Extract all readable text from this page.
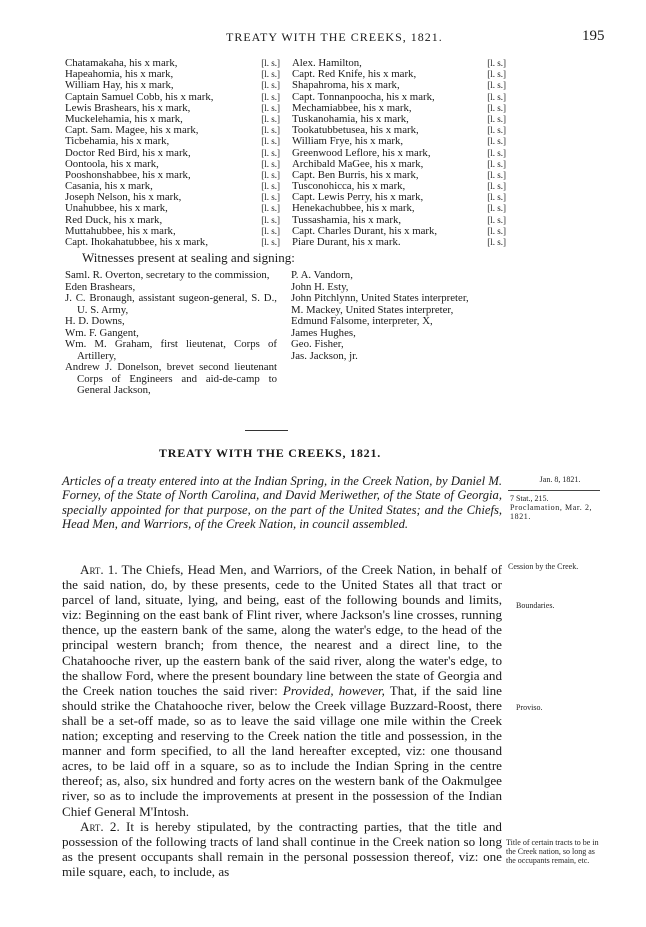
TREATY WITH THE CREEKS, 1821.	195
Chatamakaha, his x mark,	[l. s.]
Hapeahomia, his x mark,	[l. s.]
William Hay, his x mark,	[l. s.]
Captain Samuel Cobb, his x mark,	[l. s.]
Lewis Brashears, his x mark,	[l. s.]
Muckelehamia, his x mark,	[l. s.]
Capt. Sam. Magee, his x mark,	[l. s.]
Ticbehamia, his x mark,	[l. s.]
Doctor Red Bird, his x mark,	[l. s.]
Oontoola, his x mark,	[l. s.]
Pooshonshabbee, his x mark,	[l. s.]
Casania, his x mark,	[l. s.]
Joseph Nelson, his x mark,	[l. s.]
Unahubbee, his x mark,	[l. s.]
Red Duck, his x mark,	[l. s.]
Muttahubbee, his x mark,	[l. s.]
Capt. Ihokahatubbee, his x mark,	[l. s.]
Alex. Hamilton,	[l. s.]
Capt. Red Knife, his x mark,	[l. s.]
Shapahroma, his x mark,	[l. s.]
Capt. Tonnanpoocha, his x mark,	[l. s.]
Mechamiabbee, his x mark,	[l. s.]
Tuskanohamia, his x mark,	[l. s.]
Tookatubbetusea, his x mark,	[l. s.]
William Frye, his x mark,	[l. s.]
Greenwood Leflore, his x mark,	[l. s.]
Archibald MaGee, his x mark,	[l. s.]
Capt. Ben Burris, his x mark,	[l. s.]
Tusconohicca, his x mark,	[l. s.]
Capt. Lewis Perry, his x mark,	[l. s.]
Henekachubbee, his x mark,	[l. s.]
Tussashamia, his x mark,	[l. s.]
Capt. Charles Durant, his x mark,	[l. s.]
Piare Durant, his x mark.	[l. s.]
Witnesses present at sealing and signing:
Saml. R. Overton, secretary to the commission,
Eden Brashears,
J. C. Bronaugh, assistant sugeon-general, S. D., U. S. Army,
H. D. Downs,
Wm. F. Gangent,
Wm. M. Graham, first lieutenat, Corps of Artillery,
Andrew J. Donelson, brevet second lieutenant Corps of Engineers and aid-de-camp to General Jackson,
P. A. Vandorn,
John H. Esty,
John Pitchlynn, United States interpreter,
M. Mackey, United States interpreter,
Edmund Falsome, interpreter, X,
James Hughes,
Geo. Fisher,
Jas. Jackson, jr.
TREATY WITH THE CREEKS, 1821.
Articles of a treaty entered into at the Indian Spring, in the Creek Nation, by Daniel M. Forney, of the State of North Carolina, and David Meriwether, of the State of Georgia, specially appointed for that purpose, on the part of the United States; and the Chiefs, Head Men, and Warriors, of the Creek Nation, in council assembled.

Art. 1. The Chiefs, Head Men, and Warriors, of the Creek Nation, in behalf of the said nation, do, by these presents, cede to the United States all that tract or parcel of land, situate, lying, and being, east of the following bounds and limits, viz: Beginning on the east bank of Flint river, where Jackson's line crosses, running thence, up the eastern bank of the same, along the water's edge, to the head of the principal western branch; from thence, the nearest and a direct line, to the Chatahooche river, up the eastern bank of the said river, along the water's edge, to the shallow Ford, where the present boundary line between the state of Georgia and the Creek nation touches the said river: Provided, however, That, if the said line should strike the Chatahooche river, below the Creek village Buzzard-Roost, there shall be a set-off made, so as to leave the said village one mile within the Creek nation; excepting and reserving to the Creek nation the title and possession, in the manner and form specified, to all the land hereafter excepted, viz: one thousand acres, to be laid off in a square, so as to include the Indian Spring in the centre thereof; as, also, six hundred and forty acres on the western bank of the Oakmulgee river, so as to include the improvements at present in the possession of the Indian Chief General M'Intosh.

Art. 2. It is hereby stipulated, by the contracting parties, that the title and possession of the following tracts of land shall continue in the Creek nation so long as the present occupants shall remain in the personal possession thereof, viz: one mile square, each, to include, as

Jan. 8, 1821.
7 Stat., 215.
Proclamation, Mar. 2, 1821.
Cession by the Creek.
Boundaries.
Proviso.
Title of certain tracts to be in the Creek nation, so long as the occupants remain, etc.
